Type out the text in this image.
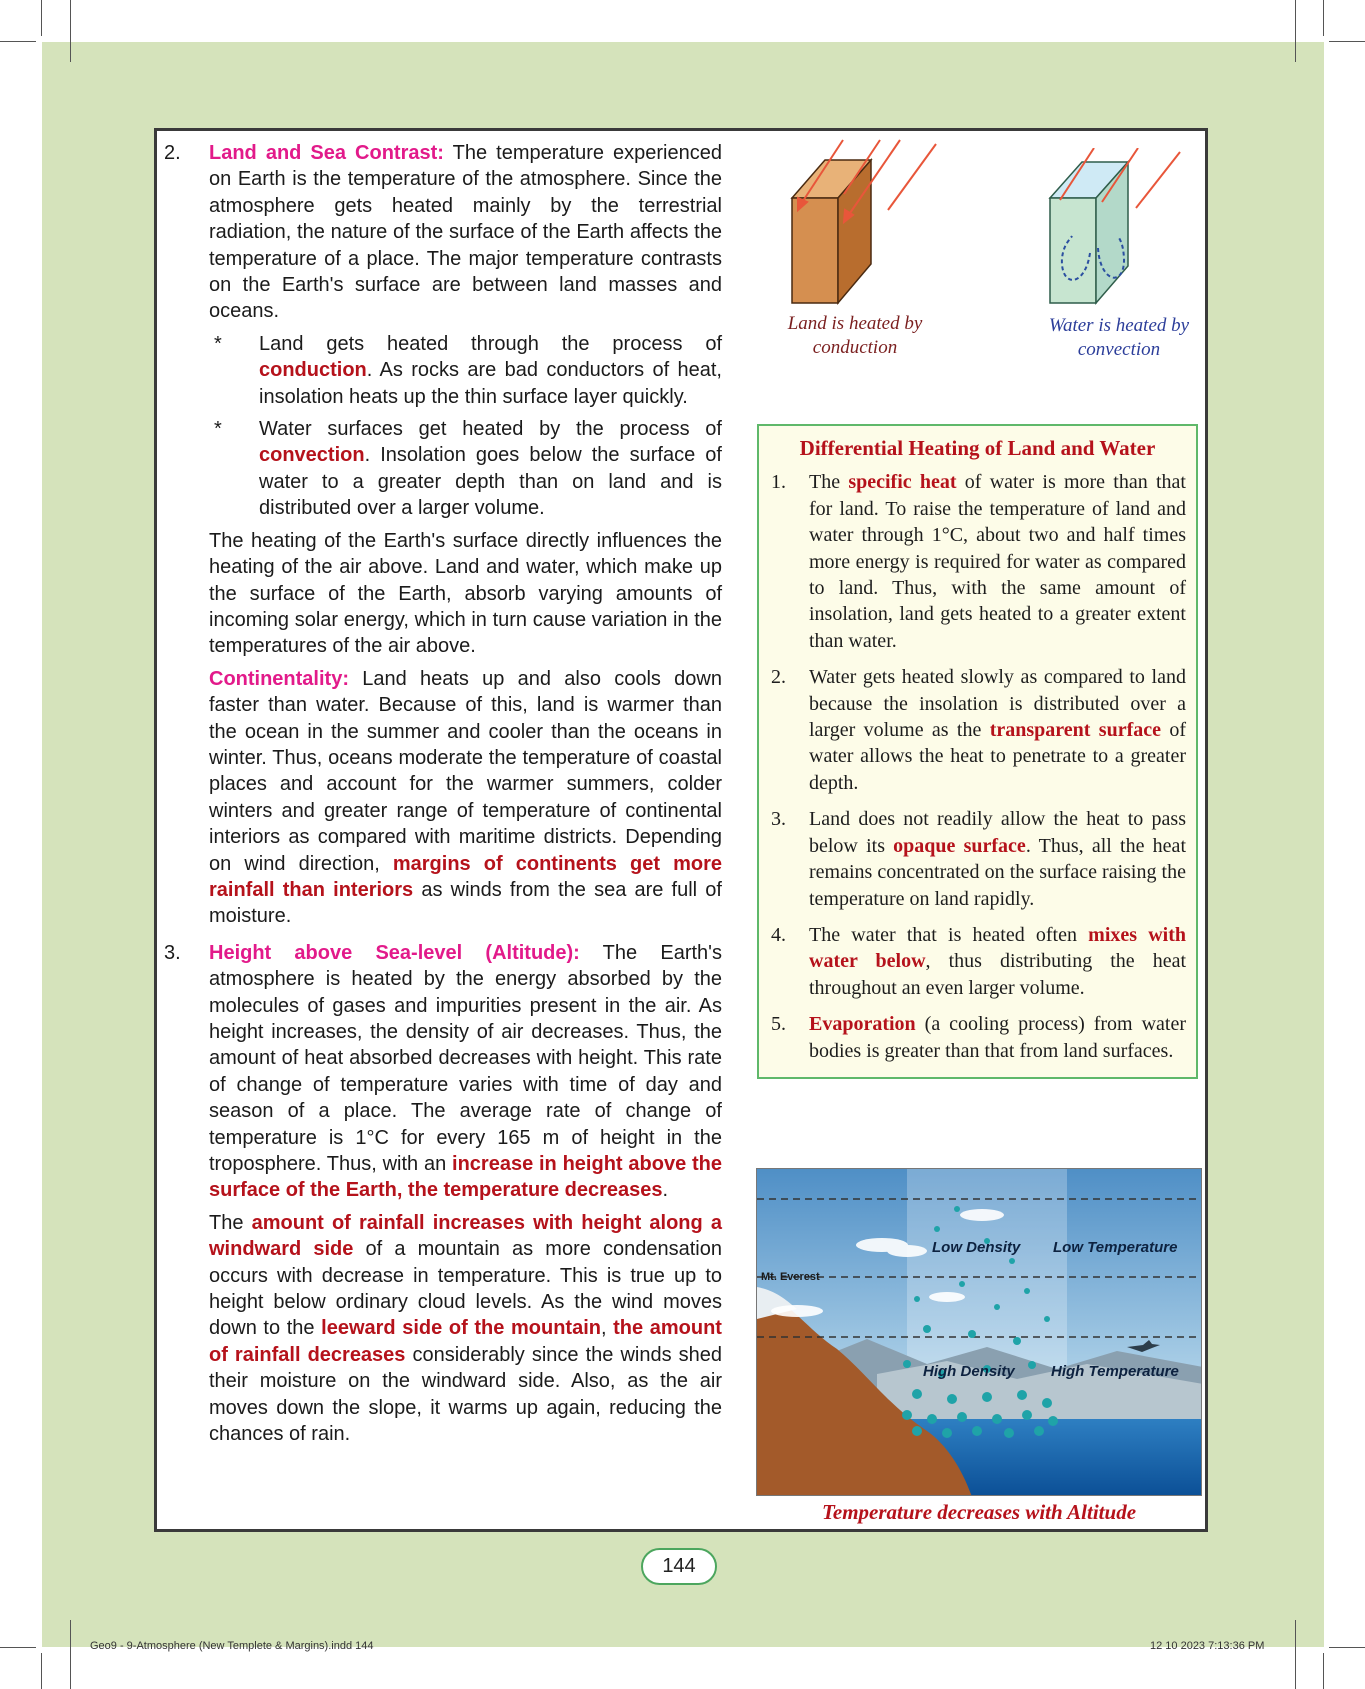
2. Land and Sea Contrast: The temperature experienced on Earth is the temperature of the atmosphere. Since the atmosphere gets heated mainly by the terrestrial radiation, the nature of the surface of the Earth affects the temperature of a place. The major temperature contrasts on the Earth's surface are between land masses and oceans.

* Land gets heated through the process of conduction. As rocks are bad conductors of heat, insolation heats up the thin surface layer quickly.

* Water surfaces get heated by the process of convection. Insolation goes below the surface of water to a greater depth than on land and is distributed over a larger volume.

The heating of the Earth's surface directly influences the heating of the air above. Land and water, which make up the surface of the Earth, absorb varying amounts of incoming solar energy, which in turn cause variation in the temperatures of the air above.

Continentality: Land heats up and also cools down faster than water. Because of this, land is warmer than the ocean in the summer and cooler than the oceans in winter. Thus, oceans moderate the temperature of coastal places and account for the warmer summers, colder winters and greater range of temperature of continental interiors as compared with maritime districts. Depending on wind direction, margins of continents get more rainfall than interiors as winds from the sea are full of moisture.

3. Height above Sea-level (Altitude): The Earth's atmosphere is heated by the energy absorbed by the molecules of gases and impurities present in the air. As height increases, the density of air decreases. Thus, the amount of heat absorbed decreases with height. This rate of change of temperature varies with time of day and season of a place. The average rate of change of temperature is 1°C for every 165 m of height in the troposphere. Thus, with an increase in height above the surface of the Earth, the temperature decreases.

The amount of rainfall increases with height along a windward side of a mountain as more condensation occurs with decrease in temperature. This is true up to height below ordinary cloud levels. As the wind moves down to the leeward side of the mountain, the amount of rainfall decreases considerably since the winds shed their moisture on the windward side. Also, as the air moves down the slope, it warms up again, reducing the chances of rain.

Land is heated by
conduction
Water is heated by
convection
Differential Heating of Land and Water
1. The specific heat of water is more than that for land. To raise the temperature of land and water through 1°C, about two and half times more energy is required for water as compared to land. Thus, with the same amount of insolation, land gets heated to a greater extent than water.
2. Water gets heated slowly as compared to land because the insolation is distributed over a larger volume as the transparent surface of water allows the heat to penetrate to a greater depth.
3. Land does not readily allow the heat to pass below its opaque surface. Thus, all the heat remains concentrated on the surface raising the temperature on land rapidly.
4. The water that is heated often mixes with water below, thus distributing the heat throughout an even larger volume.
5. Evaporation (a cooling process) from water bodies is greater than that from land surfaces.
Mt. Everest
Low Density Low Temperature
High Density High Temperature
Temperature decreases with Altitude
144
Geo9 - 9-Atmosphere (New Templete & Margins).indd 144	12 10 2023 7:13:36 PM
